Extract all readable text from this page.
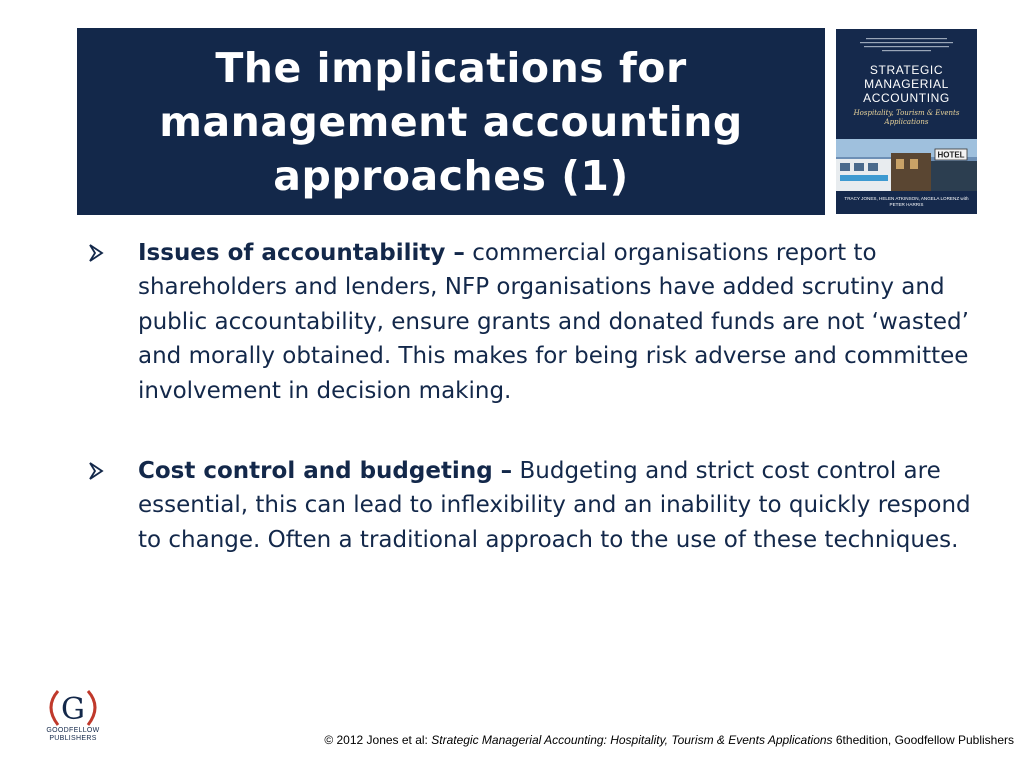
The implications for management accounting approaches (1)
STRATEGIC MANAGERIAL ACCOUNTING
Hospitality, Tourism & Events Applications
HOTEL
TRACY JONES, HELEN ATKINSON, ANGELA LORENZ with PETER HARRIS
G
Issues of accountability – commercial organisations report to shareholders and lenders, NFP organisations have added scrutiny and public accountability, ensure grants and donated funds are not ‘wasted’ and morally obtained. This makes for being risk adverse and committee involvement in decision making.
Cost control and budgeting – Budgeting and strict cost control are essential, this can lead to inflexibility and an inability to quickly respond to change. Often a traditional approach to the use of these techniques.
G
GOODFELLOW PUBLISHERS	© 2012 Jones et al: Strategic Managerial Accounting: Hospitality, Tourism & Events Applications 6thedition, Goodfellow Publishers
